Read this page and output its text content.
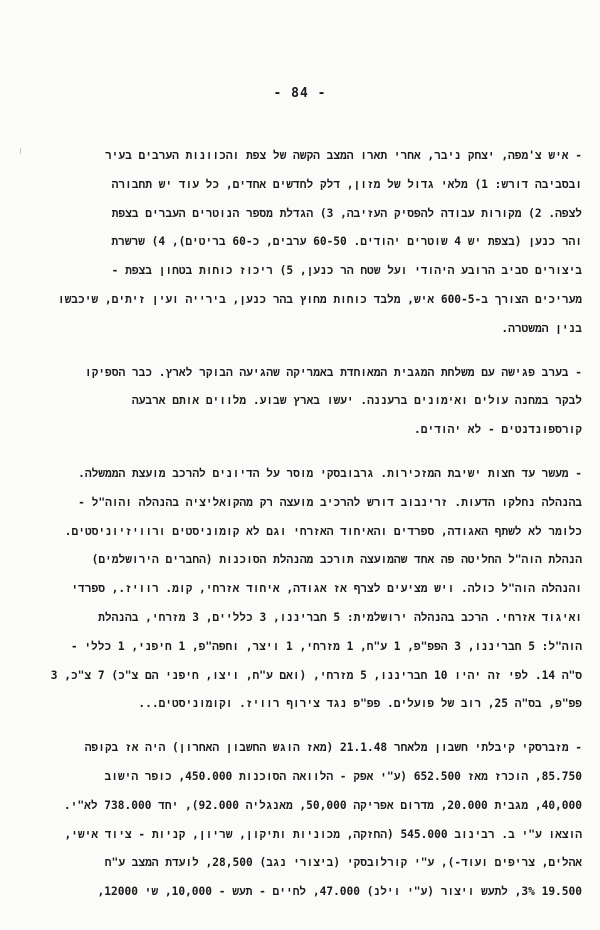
- 84 -
- איש צ'מפה, יצחק ניבר, אחרי תארו המצב הקשה של צפת והכוונות הערבים בעיר
ובסביבה דורש: 1) מלאי גדול של מזון, דלק לחדשים אחדים, כל עוד יש תחבורה
לצפה. 2) מקורות עבודה להפסיק העזיבה, 3) הגדלת מספר הנוטרים העברים בצפת
והר כנען (בצפת יש 4 שוטרים יהודים. 60-50 ערבים, כ-60 בריטים), 4) שרשרת
ביצורים סביב הרובע היהודי ועל שטח הר כנען, 5) ריכוז כוחות בטחון בצפת -
מעריכים הצורך ב-600-5 איש, מלבד כוחות מחוץ בהר כנען, בירייה ועין זיתים, שיכבשו
בנין המשטרה.
- בערב פגישה עם משלחת המגבית המאוחדת באמריקה שהגיעה הבוקר לארץ. כבר הספיקו
לבקר במחנה עולים ואימונים ברעננה. יעשו בארץ שבוע. מלווים אותם ארבעה
קורספונדנטים - לא יהודים.
- מעשר עד חצות ישיבת המזכירות. גרבובסקי מוסר על הדיונים להרכב מועצת הממשלה.
בהנהלה נחלקו הדעות. זרינבוב דורש להרכיב מועצה רק מהקואליציה בהנהלה והוה"ל -
כלומר לא לשתף האגודה, ספרדים והאיחוד האזרחי וגם לא קומוניסטים ורוויזיוניסטים.
הנהלת הוה"ל החליטה פה אחד שהמועצה תורכב מהנהלת הסוכנות (החברים הירושלמים)
והנהלה הוה"ל כולה. ויש מציעים לצרף אז אגודה, איחוד אזרחי, קומ. רוויז., ספרדי
ואיגוד אזרחי. הרכב בהנהלה ירושלמית: 5 חבריננו, 3 כלליים, 3 מזרחי, בהנהלת
הוה"ל: 5 חבריננו, 3 הפפ"פ, 1 ע"ח, 1 מזרחי, 1 ויצר, וחפה"פ, 1 חיפני, 1 כללי -
ס"ה 14. לפי זה יהיו 10 חבריננו, 5 מזרחי, (ואם ע"ח, ויצו, חיפני הם צ"כ) 7 צ"כ, 3
פפ"פ, בס"ה 25, רוב של פועלים. פפ"פ נגד צירוף רוויז. וקומוניסטים...
- מזברסקי קיבלתי חשבון מלאחר 21.1.48 (מאז הוגש החשבון האחרון) היה אז בקופה
85.750, הוכרז מאז 652.500 (ע"י אפק - הלוואה הסוכנות 450.000, כופר הישוב
40,000, מגבית 20.000, מדרום אפריקה 50,000, מאנגליה 92.000), יחד 738.000 לא"י.
הוצאו ע"י ב. רבינוב 545.000 (החזקה, מכוניות ותיקון, שריון, קניות - ציוד אישי,
אהלים, צריפים ועוד-), ע"י קורלובסקי (ביצורי נגב) 28,500, לועדת המצב ע"ח
19.500 3%, לתעש ויצור (ע"י וילנ) 47.000, לחיים - תעש - 10,000, שי 12000,
